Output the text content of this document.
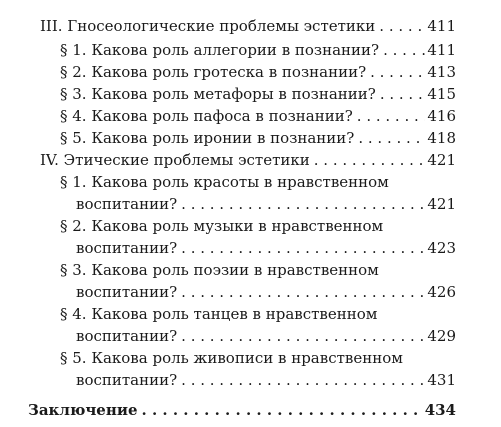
III. Гносеологические проблемы эстетики . . .	411
§ 1. Какова роль аллегории в познании? . . .	411
§ 2. Какова роль гротеска в познании? . . .	413
§ 3. Какова роль метафоры в познании? . . .	415
§ 4. Какова роль пафоса в познании? . . .	416
§ 5. Какова роль иронии в познании? . . .	418
IV. Этические проблемы эстетики . . .	421
§ 1. Какова роль красоты в нравственном
воспитании? . . .	421
§ 2. Какова роль музыки в нравственном
воспитании? . . .	423
§ 3. Какова роль поэзии в нравственном
воспитании? . . .	426
§ 4. Какова роль танцев в нравственном
воспитании? . . .	429
§ 5. Какова роль живописи в нравственном
воспитании? . . .	431
Заключение . . .	434
